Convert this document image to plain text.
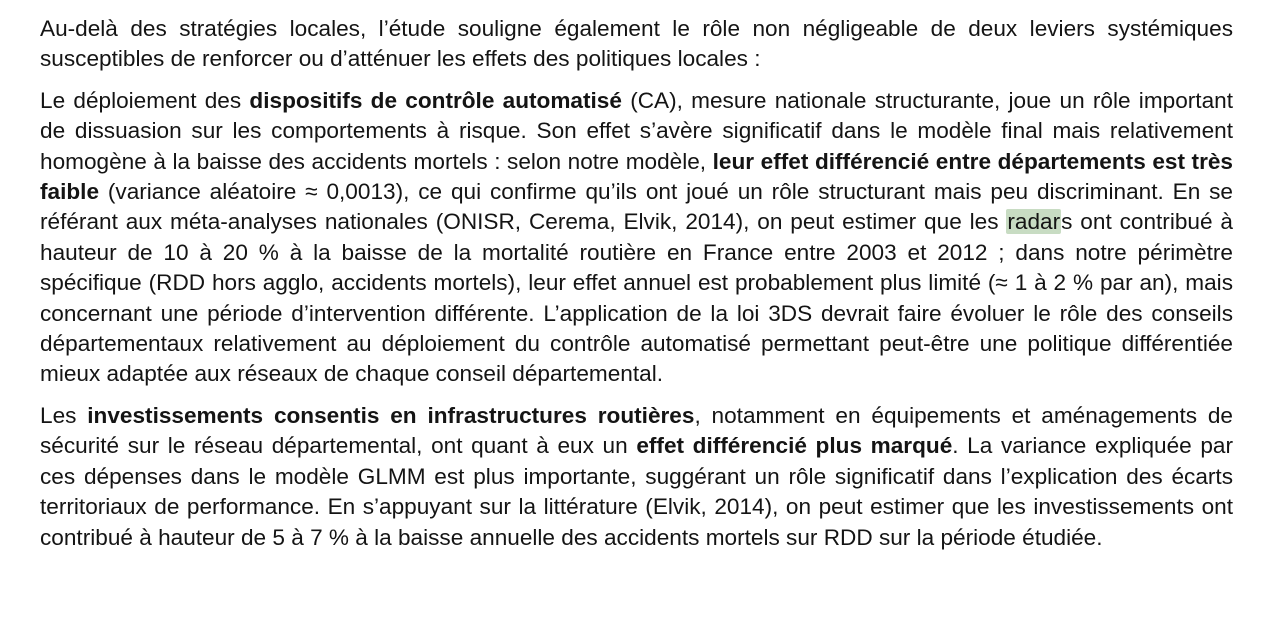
Au-delà des stratégies locales, l’étude souligne également le rôle non négligeable de deux leviers systémiques susceptibles de renforcer ou d’atténuer les effets des politiques locales :

Le déploiement des dispositifs de contrôle automatisé (CA), mesure nationale structurante, joue un rôle important de dissuasion sur les comportements à risque. Son effet s’avère significatif dans le modèle final mais relativement homogène à la baisse des accidents mortels : selon notre modèle, leur effet différencié entre départements est très faible (variance aléatoire ≈ 0,0013), ce qui confirme qu’ils ont joué un rôle structurant mais peu discriminant. En se référant aux méta-analyses nationales (ONISR, Cerema, Elvik, 2014), on peut estimer que les radars ont contribué à hauteur de 10 à 20 % à la baisse de la mortalité routière en France entre 2003 et 2012 ; dans notre périmètre spécifique (RDD hors agglo, accidents mortels), leur effet annuel est probablement plus limité (≈ 1 à 2 % par an), mais concernant une période d’intervention différente. L’application de la loi 3DS devrait faire évoluer le rôle des conseils départementaux relativement au déploiement du contrôle automatisé permettant peut-être une politique différentiée mieux adaptée aux réseaux de chaque conseil départemental.

Les investissements consentis en infrastructures routières, notamment en équipements et aménagements de sécurité sur le réseau départemental, ont quant à eux un effet différencié plus marqué. La variance expliquée par ces dépenses dans le modèle GLMM est plus importante, suggérant un rôle significatif dans l’explication des écarts territoriaux de performance. En s’appuyant sur la littérature (Elvik, 2014), on peut estimer que les investissements ont contribué à hauteur de 5 à 7 % à la baisse annuelle des accidents mortels sur RDD sur la période étudiée.
